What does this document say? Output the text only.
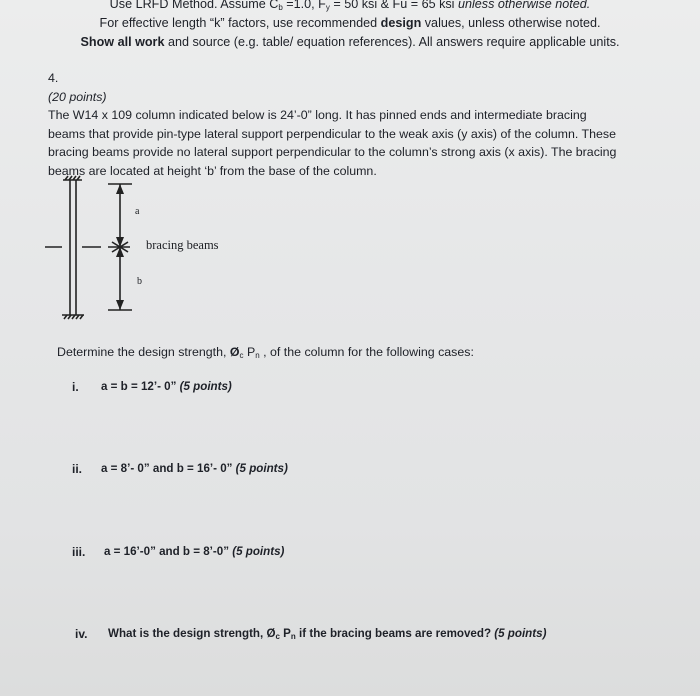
Use LRFD Method. Assume $C_b =1.0$, $F_y = 50$ ksi & Fu = 65 ksi unless otherwise noted.
For effective length “k” factors, use recommended design values, unless otherwise noted.
Show all work and source (e.g. table/ equation references). All answers require applicable units.
4.
(20 points)
The W14 x 109 column indicated below is 24’-0” long. It has pinned ends and intermediate bracing
beams that provide pin-type lateral support perpendicular to the weak axis (y axis) of the column. These
bracing beams provide no lateral support perpendicular to the column’s strong axis (x axis). The bracing
beams are located at height ‘b’ from the base of the column.
a
b
bracing beams
Determine the design strength, $Ø_c$ $P_n$ , of the column for the following cases:
i. a = b = 12’- 0” (5 points)
ii. a = 8’- 0” and b = 16’- 0” (5 points)
iii. a = 16’-0” and b = 8’-0” (5 points)
iv. What is the design strength, $Ø_c$ $P_n$ if the bracing beams are removed? (5 points)
